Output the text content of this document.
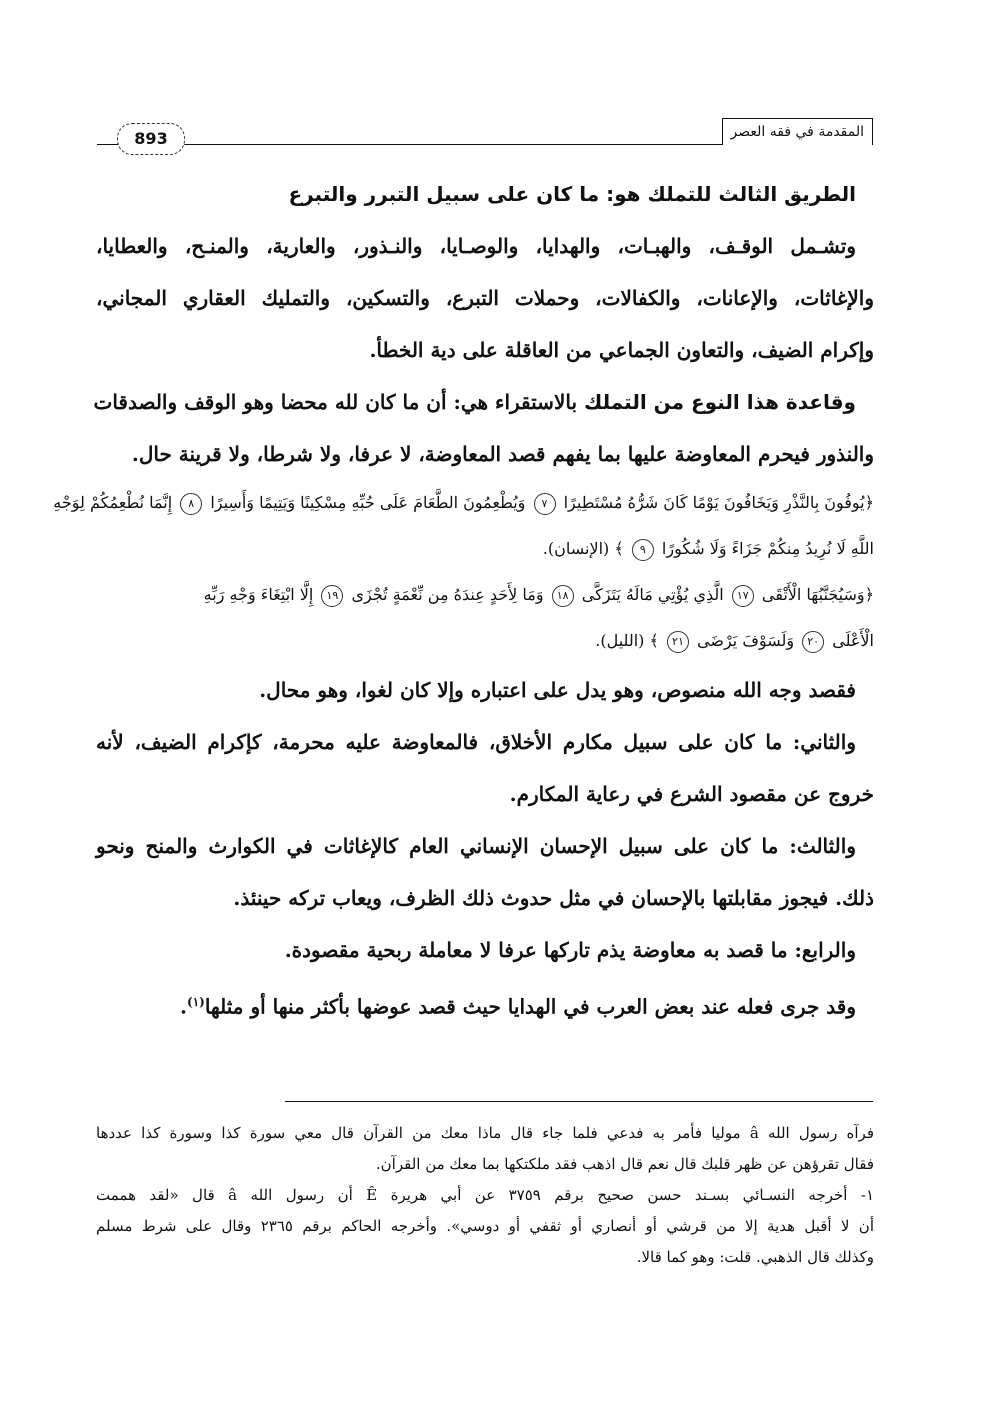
المقدمة في فقه العصر
893
الطريق الثالث للتملك هو: ما كان على سبيل التبرر والتبرع
وتشـمل الوقـف، والهبـات، والهدايا، والوصـايا، والنـذور، والعارية، والمنـح، والعطايا،
والإغاثات، والإعانات، والكفالات، وحملات التبرع، والتسكين، والتمليك العقاري المجاني،
وإكرام الضيف، والتعاون الجماعي من العاقلة على دية الخطأ.
وقاعدة هذا النوع من التملك بالاستقراء هي: أن ما كان لله محضا وهو الوقف والصدقات
والنذور فيحرم المعاوضة عليها بما يفهم قصد المعاوضة، لا عرفا، ولا شرطا، ولا قرينة حال.
﴿يُوفُونَ بِالنَّذْرِ وَيَخَافُونَ يَوْمًا كَانَ شَرُّهُ مُسْتَطِيرًا ٧ وَيُطْعِمُونَ الطَّعَامَ عَلَى حُبِّهِ مِسْكِينًا وَيَتِيمًا وَأَسِيرًا ٨ إِنَّمَا نُطْعِمُكُمْ لِوَجْهِ
اللَّهِ لَا نُرِيدُ مِنكُمْ جَزَاءً وَلَا شُكُورًا ٩ ﴾ (الإنسان).
﴿وَسَيُجَنَّبُهَا الْأَتْقَى ١٧ الَّذِي يُؤْتِي مَالَهُ يَتَزَكَّى ١٨ وَمَا لِأَحَدٍ عِندَهُ مِن نِّعْمَةٍ تُجْزَى ١٩ إِلَّا ابْتِغَاءَ وَجْهِ رَبِّهِ
الْأَعْلَى ٢٠ وَلَسَوْفَ يَرْضَى ٢١ ﴾ (الليل).
فقصد وجه الله منصوص، وهو يدل على اعتباره وإلا كان لغوا، وهو محال.
والثاني: ما كان على سبيل مكارم الأخلاق، فالمعاوضة عليه محرمة، كإكرام الضيف، لأنه
خروج عن مقصود الشرع في رعاية المكارم.
والثالث: ما كان على سبيل الإحسان الإنساني العام كالإغاثات في الكوارث والمنح ونحو
ذلك. فيجوز مقابلتها بالإحسان في مثل حدوث ذلك الظرف، ويعاب تركه حينئذ.
والرابع: ما قصد به معاوضة يذم تاركها عرفا لا معاملة ربحية مقصودة.
وقد جرى فعله عند بعض العرب في الهدايا حيث قصد عوضها بأكثر منها أو مثلها$^{(١)}$.
فرآه رسول الله â موليا فأمر به فدعي فلما جاء قال ماذا معك من القرآن قال معي سورة كذا وسورة كذا عددها
فقال تقرؤهن عن ظهر قلبك قال نعم قال اذهب فقد ملكتكها بما معك من القرآن.
١- أخرجه النسـائي بسـند حسن صحيح برقم ٣٧٥٩ عن أبي هريرة Ê أن رسول الله â قال «لقد هممت
أن لا أقبل هدية إلا من قرشي أو أنصاري أو ثقفي أو دوسي». وأخرجه الحاكم برقم ٢٣٦٥ وقال على شرط مسلم
وكذلك قال الذهبي. قلت: وهو كما قالا.
